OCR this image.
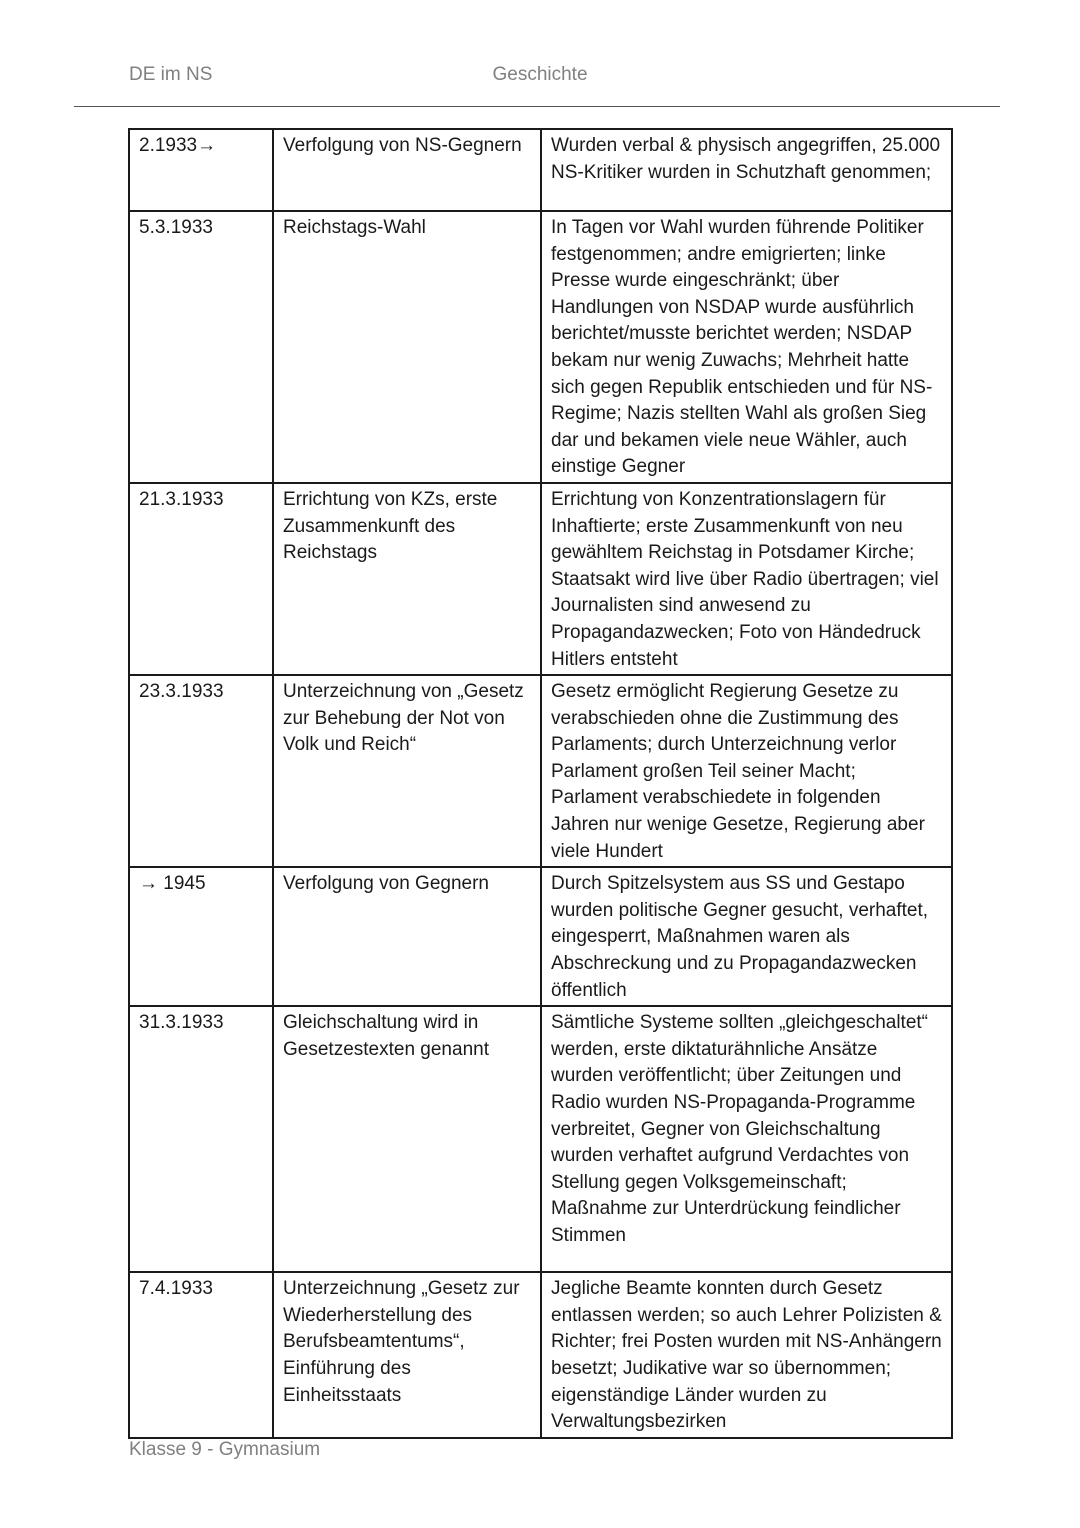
DE im NS	Geschichte
2.1933→	Verfolgung von NS-Gegnern	Wurden verbal & physisch angegriffen, 25.000 NS-Kritiker wurden in Schutzhaft genommen;
5.3.1933	Reichstags-Wahl	In Tagen vor Wahl wurden führende Politiker festgenommen; andre emigrierten; linke Presse wurde eingeschränkt; über Handlungen von NSDAP wurde ausführlich berichtet/musste berichtet werden; NSDAP bekam nur wenig Zuwachs; Mehrheit hatte sich gegen Republik entschieden und für NS-Regime; Nazis stellten Wahl als großen Sieg dar und bekamen viele neue Wähler, auch einstige Gegner
21.3.1933	Errichtung von KZs, erste Zusammenkunft des Reichstags	Errichtung von Konzentrationslagern für Inhaftierte; erste Zusammenkunft von neu gewähltem Reichstag in Potsdamer Kirche; Staatsakt wird live über Radio übertragen; viel Journalisten sind anwesend zu Propagandazwecken; Foto von Händedruck Hitlers entsteht
23.3.1933	Unterzeichnung von „Gesetz zur Behebung der Not von Volk und Reich“	Gesetz ermöglicht Regierung Gesetze zu verabschieden ohne die Zustimmung des Parlaments; durch Unterzeichnung verlor Parlament großen Teil seiner Macht; Parlament verabschiedete in folgenden Jahren nur wenige Gesetze, Regierung aber viele Hundert
→ 1945	Verfolgung von Gegnern	Durch Spitzelsystem aus SS und Gestapo wurden politische Gegner gesucht, verhaftet, eingesperrt, Maßnahmen waren als Abschreckung und zu Propagandazwecken öffentlich
31.3.1933	Gleichschaltung wird in Gesetzestexten genannt	Sämtliche Systeme sollten „gleichgeschaltet“ werden, erste diktaturähnliche Ansätze wurden veröffentlicht; über Zeitungen und Radio wurden NS-Propaganda-Programme verbreitet, Gegner von Gleichschaltung wurden verhaftet aufgrund Verdachtes von Stellung gegen Volksgemeinschaft; Maßnahme zur Unterdrückung feindlicher Stimmen
7.4.1933	Unterzeichnung „Gesetz zur Wiederherstellung des Berufsbeamtentums“, Einführung des Einheitsstaats	Jegliche Beamte konnten durch Gesetz entlassen werden; so auch Lehrer Polizisten & Richter; frei Posten wurden mit NS-Anhängern besetzt; Judikative war so übernommen; eigenständige Länder wurden zu Verwaltungsbezirken
Klasse 9 - Gymnasium
